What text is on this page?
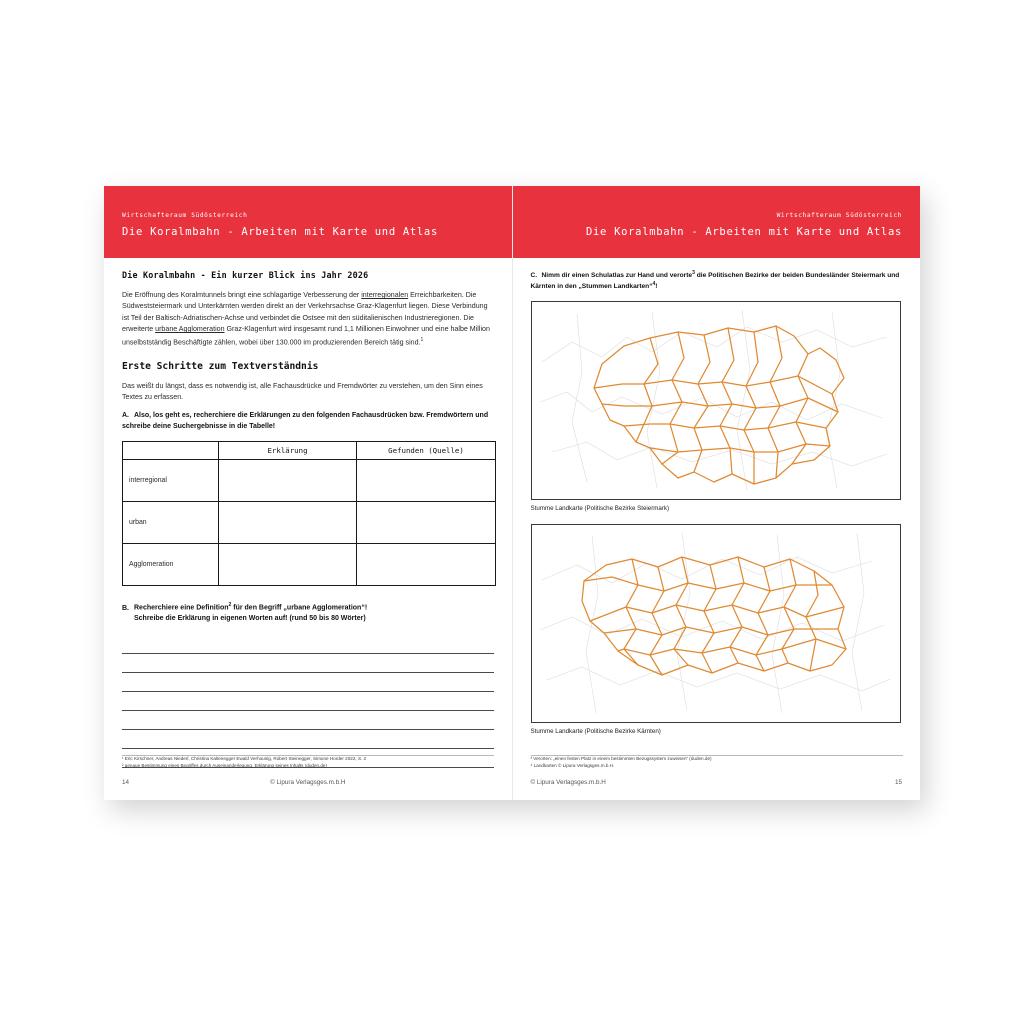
Wirtschafteraum Südösterreich
Die Koralmbahn - Arbeiten mit Karte und Atlas
Die Koralmbahn - Ein kurzer Blick ins Jahr 2026

Die Eröffnung des Koralmtunnels bringt eine schlagartige Verbesserung der interregionalen Erreichbarkeiten. Die Südweststeiermark und Unterkärnten werden direkt an der Verkehrsachse Graz-Klagenfurt liegen. Diese Verbindung ist Teil der Baltisch-Adriatischen-Achse und verbindet die Ostsee mit den süditalienischen Industrieregionen. Die erweiterte urbane Agglomeration Graz-Klagenfurt wird insgesamt rund 1,1 Millionen Einwohner und eine halbe Million unselbstständig Beschäftigte zählen, wobei über 130.000 im produzierenden Bereich tätig sind.$^1$

Erste Schritte zum Textverständnis

Das weißt du längst, dass es notwendig ist, alle Fachausdrücke und Fremdwörter zu verstehen, um den Sinn eines Textes zu erfassen.

A. Also, los geht es, recherchiere die Erklärungen zu den folgenden Fachausdrücken bzw. Fremdwörtern und schreibe deine Suchergebnisse in die Tabelle!

	Erklärung	Gefunden (Quelle)
interregional		
urban		
Agglomeration		

B. Recherchiere eine Definition$^2$ für den Begriff „urbane Agglomeration“!
Schreibe die Erklärung in eigenen Worten auf! (rund 50 bis 80 Wörter)

¹ Eric Kirschner, Andreas Niederl, Christina Kaltenegger Ewald Verhounig, Robert Steinegger, Simone Horder 2022, S. 2
² genaue Bestimmung eines Begriffes durch Auseinanderlegung, Erklärung seines Inhalts (duden.de)
14	© Lipura Verlagsges.m.b.H
Wirtschafteraum Südösterreich
Die Koralmbahn - Arbeiten mit Karte und Atlas

C. Nimm dir einen Schulatlas zur Hand und verorte$^3$ die Politischen Bezirke der beiden Bundesländer Steiermark und Kärnten in den „Stummen Landkarten“$^4$!

Stumme Landkarte (Politische Bezirke Steiermark)
Stumme Landkarte (Politische Bezirke Kärnten)
³ Verorten: „einen festen Platz in einem bestimmten Bezugssystem zuweisen“ (duden.de)
⁴ Landkarten © Lipura Verlagsges.m.b.H.
15
© Lipura Verlagsges.m.b.H
